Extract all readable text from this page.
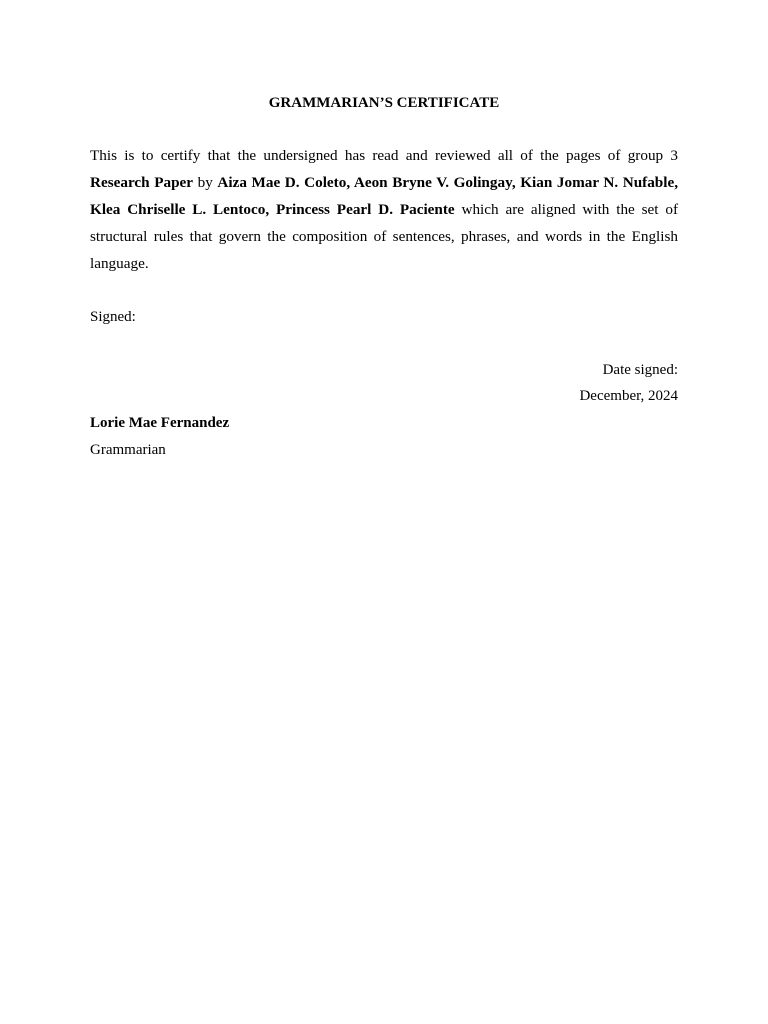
GRAMMARIAN’S CERTIFICATE

This is to certify that the undersigned has read and reviewed all of the pages of group 3 Research Paper by Aiza Mae D. Coleto, Aeon Bryne V. Golingay, Kian Jomar N. Nufable, Klea Chriselle L. Lentoco, Princess Pearl D. Paciente which are aligned with the set of structural rules that govern the composition of sentences, phrases, and words in the English language.

Signed:

Date signed:
December, 2024
Lorie Mae Fernandez
Grammarian
